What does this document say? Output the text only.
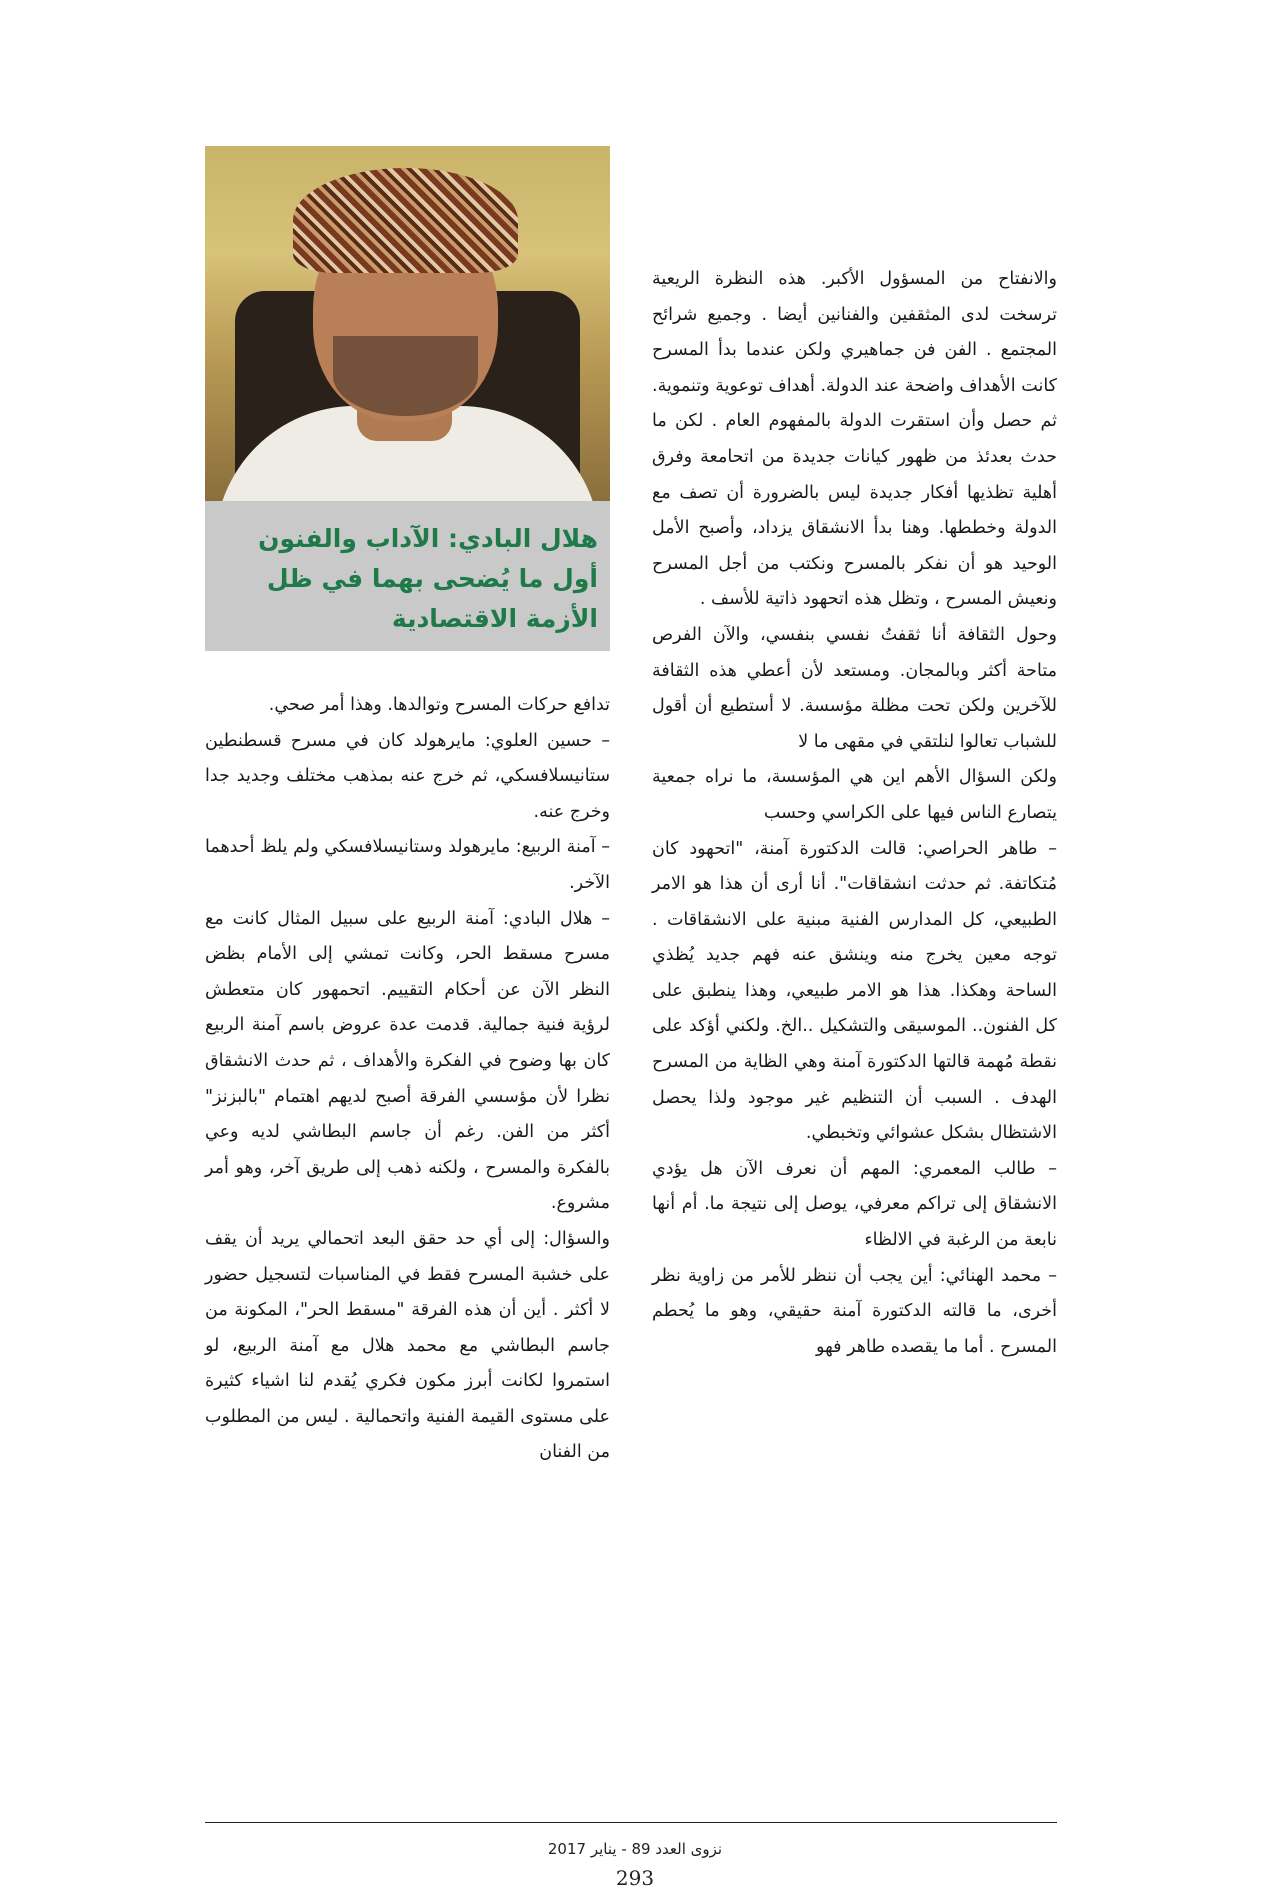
هلال البادي: الآداب والفنون أول ما يُضحى بهما في ظل الأزمة الاقتصادية

والانفتاح من المسؤول الأكبر. هذه النظرة الريعية ترسخت لدى المثقفين والفنانين أيضا . وجميع شرائح المجتمع . الفن فن جماهيري ولكن عندما بدأ المسرح كانت الأهداف واضحة عند الدولة. أهداف توعوية وتنموية. ثم حصل وأن استقرت الدولة بالمفهوم العام . لكن ما حدث بعدئذ من ظهور كيانات جديدة من اتحامعة وفرق أهلية تظذيها أفكار جديدة ليس بالضرورة أن تصف مع الدولة وخططها. وهنا بدأ الانشقاق يزداد، وأصبح الأمل الوحيد هو أن نفكر بالمسرح ونكتب من أجل المسرح ونعيش المسرح ، وتظل هذه اتحهود ذاتية للأسف .

وحول الثقافة أنا ثقفتُ نفسي بنفسي، والآن الفرص متاحة أكثر وبالمجان. ومستعد لأن أعطي هذه الثقافة للآخرين ولكن تحت مظلة مؤسسة. لا أستطيع أن أقول للشباب تعالوا لنلتقي في مقهى ما لا

ولكن السؤال الأهم اين هي المؤسسة، ما نراه جمعية يتصارع الناس فيها على الكراسي وحسب

– طاهر الحراصي: قالت الدكتورة آمنة، "اتحهود كان مُتكاتفة. ثم حدثت انشقاقات". أنا أرى أن هذا هو الامر الطبيعي، كل المدارس الفنية مبنية على الانشقاقات . توجه معين يخرج منه وينشق عنه فهم جديد يُظذي الساحة وهكذا. هذا هو الامر طبيعي، وهذا ينطبق على كل الفنون.. الموسيقى والتشكيل ..الخ. ولكني أؤكد على نقطة مُهمة قالتها الدكتورة آمنة وهي الظاية من المسرح الهدف . السبب أن التنظيم غير موجود ولذا يحصل الاشتظال بشكل عشوائي وتخبطي.

– طالب المعمري: المهم أن نعرف الآن هل يؤدي الانشقاق إلى تراكم معرفي، يوصل إلى نتيجة ما. أم أنها نابعة من الرغبة في الالظاء

– محمد الهنائي: أين يجب أن ننظر للأمر من زاوية نظر أخرى، ما قالته الدكتورة آمنة حقيقي، وهو ما يُحطم المسرح . أما ما يقصده طاهر فهو

تدافع حركات المسرح وتوالدها. وهذا أمر صحي.

– حسين العلوي: مايرهولد كان في مسرح قسطنطين ستانيسلافسكي، ثم خرج عنه بمذهب مختلف وجديد جدا وخرج عنه.

– آمنة الربيع: مايرهولد وستانيسلافسكي ولم يلظ أحدهما الآخر.

– هلال البادي: آمنة الربيع على سبيل المثال كانت مع مسرح مسقط الحر، وكانت تمشي إلى الأمام بظض النظر الآن عن أحكام التقييم. اتحمهور كان متعطش لرؤية فنية جمالية. قدمت عدة عروض باسم آمنة الربيع كان بها وضوح في الفكرة والأهداف ، ثم حدث الانشقاق نظرا لأن مؤسسي الفرقة أصبح لديهم اهتمام "بالبزنز" أكثر من الفن. رغم أن جاسم البطاشي لديه وعي بالفكرة والمسرح ، ولكنه ذهب إلى طريق آخر، وهو أمر مشروع.

والسؤال: إلى أي حد حقق البعد اتحمالي يريد أن يقف على خشبة المسرح فقط في المناسبات لتسجيل حضور لا أكثر . أين أن هذه الفرقة "مسقط الحر"، المكونة من جاسم البطاشي مع محمد هلال مع آمنة الربيع، لو استمروا لكانت أبرز مكون فكري يُقدم لنا اشياء كثيرة على مستوى القيمة الفنية واتحمالية . ليس من المطلوب من الفنان

نزوى العدد 89 - يناير 2017
293
